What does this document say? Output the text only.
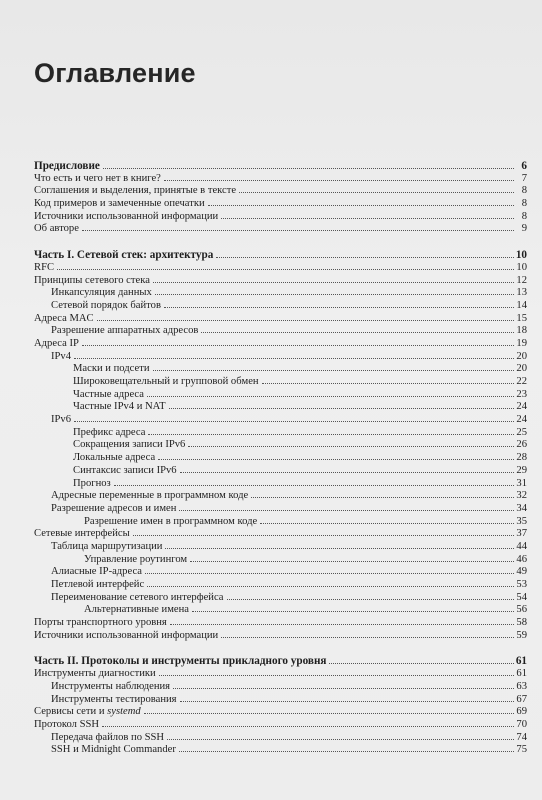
Оглавление
Предисловие	6
Что есть и чего нет в книге?	7
Соглашения и выделения, принятые в тексте	8
Код примеров и замеченные опечатки	8
Источники использованной информации	8
Об авторе	9
Часть I. Сетевой стек: архитектура	10
RFC	10
Принципы сетевого стека	12
Инкапсуляция данных	13
Сетевой порядок байтов	14
Адреса MAC	15
Разрешение аппаратных адресов	18
Адреса IP	19
IPv4	20
Маски и подсети	20
Широковещательный и групповой обмен	22
Частные адреса	23
Частные IPv4 и NAT	24
IPv6	24
Префикс адреса	25
Сокращения записи IPv6	26
Локальные адреса	28
Синтаксис записи IPv6	29
Прогноз	31
Адресные переменные в программном коде	32
Разрешение адресов и имен	34
Разрешение имен в программном коде	35
Сетевые интерфейсы	37
Таблица маршрутизации	44
Управление роутингом	46
Алиасные IP-адреса	49
Петлевой интерфейс	53
Переименование сетевого интерфейса	54
Альтернативные имена	56
Порты транспортного уровня	58
Источники использованной информации	59
Часть II. Протоколы и инструменты прикладного уровня	61
Инструменты диагностики	61
Инструменты наблюдения	63
Инструменты тестирования	67
Сервисы сети и systemd	69
Протокол SSH	70
Передача файлов по SSH	74
SSH и Midnight Commander	75
